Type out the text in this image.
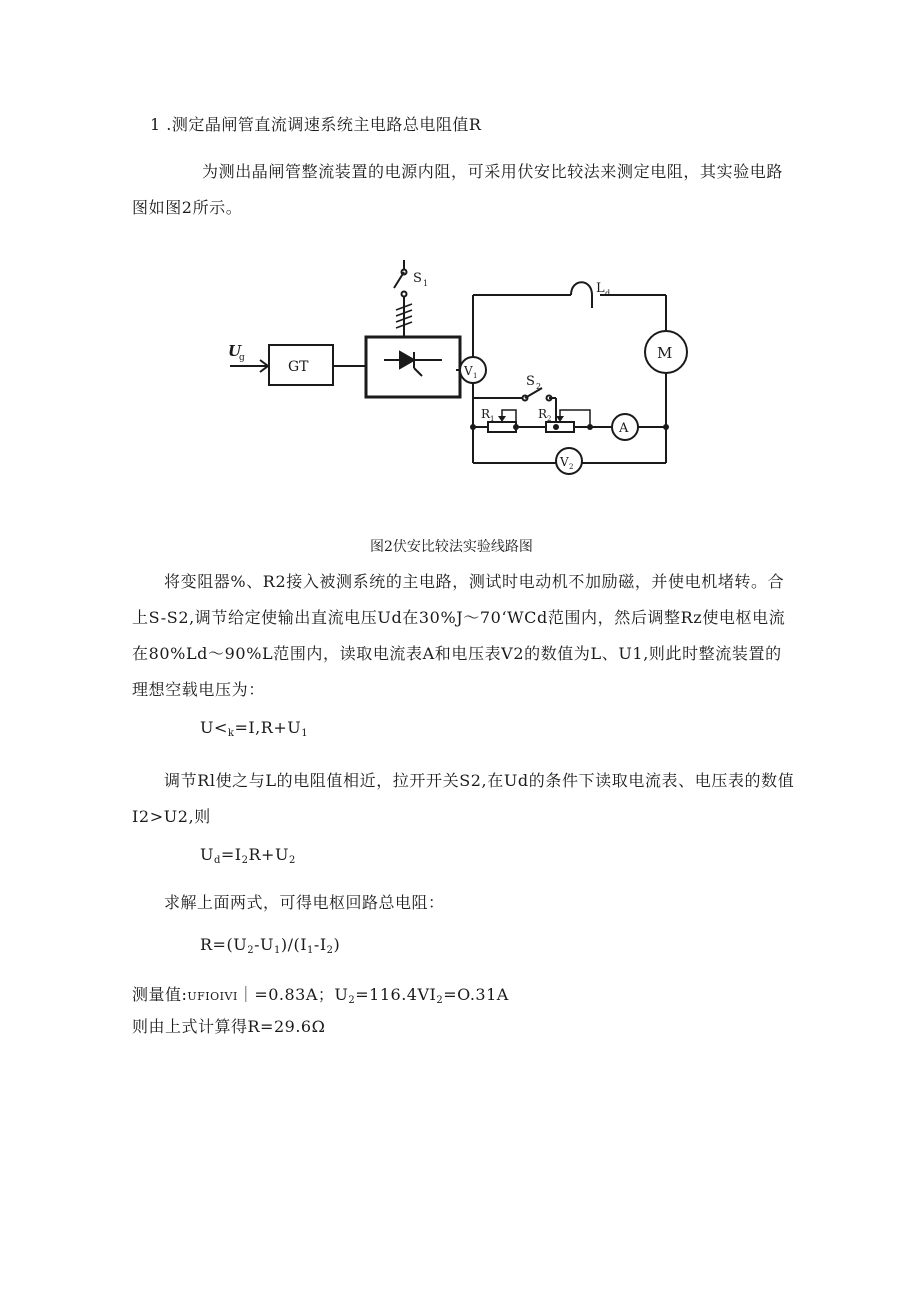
1 .测定晶闸管直流调速系统主电路总电阻值R
为测出晶闸管整流装置的电源内阻，可采用伏安比较法来测定电阻，其实验电路图如图2所示。
U
g
GT
S 1	L d
M
V 1	S 2
R 1	R 2
A
V 2
图2伏安比较法实验线路图
将变阻器%、R2接入被测系统的主电路，测试时电动机不加励磁，并使电机堵转。合上S-S2,调节给定使输出直流电压Ud在30%J～70‘WCd范围内，然后调整Rz使电枢电流在80%Ld～90%L范围内，读取电流表A和电压表V2的数值为L、U1,则此时整流装置的理想空载电压为：
$U<_k=I,R+U_1$
调节Rl使之与L的电阻值相近，拉开开关S2,在Ud的条件下读取电流表、电压表的数值I2>U2,则
$U_d=I_2R+U_2$
求解上面两式，可得电枢回路总电阻：
$R=(U_2-U_1)/(I_1-I_2)$
测量值:UFIOIVI｜=0.83A；$U_2=116.4VI_2=O.31A$
则由上式计算得R=29.6Ω
